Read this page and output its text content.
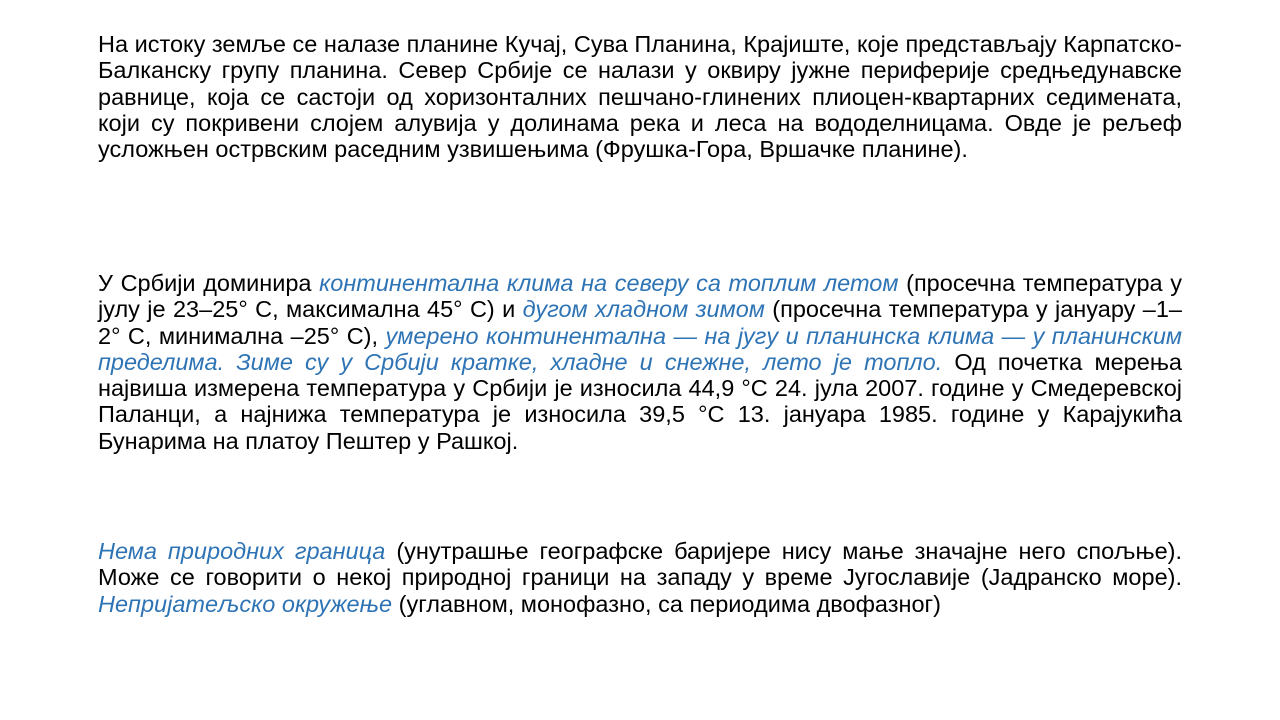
На истоку земље се налазе планине Кучај, Сува Планина, Крајиште, које представљају Карпатско-Балканску групу планина. Север Србије се налази у оквиру јужне периферије средњедунавске равнице, која се састоји од хоризонталних пешчано-глинених плиоцен-квартарних седимената, који су покривени слојем алувија у долинама река и леса на вододелницама. Овде је рељеф усложњен острвским раседним узвишењима (Фрушка-Гора, Вршачке планине).

У Србији доминира континентална клима на северу са топлим летом (просечна температура у јулу је 23–25° C, максимална 45° C) и дугом хладном зимом (просечна температура у јануару –1–2° C, минимална –25° C), умерено континентална — на југу и планинска клима — у планинским пределима. Зиме су у Србији кратке, хладне и снежне, лето је топло. Од почетка мерења највиша измерена температура у Србији је износила 44,9 °C 24. јула 2007. године у Смедеревској Паланци, а најнижа температура је износила 39,5 °C 13. јануара 1985. године у Карајукића Бунарима на платоу Пештер у Рашкој.

Нема природних граница (унутрашње географске баријере нису мање значајне него спољње). Може се говорити о некој природној граници на западу у време Југославије (Јадранско море). Непријатељско окружење (углавном, монофазно, са периодима двофазног)
